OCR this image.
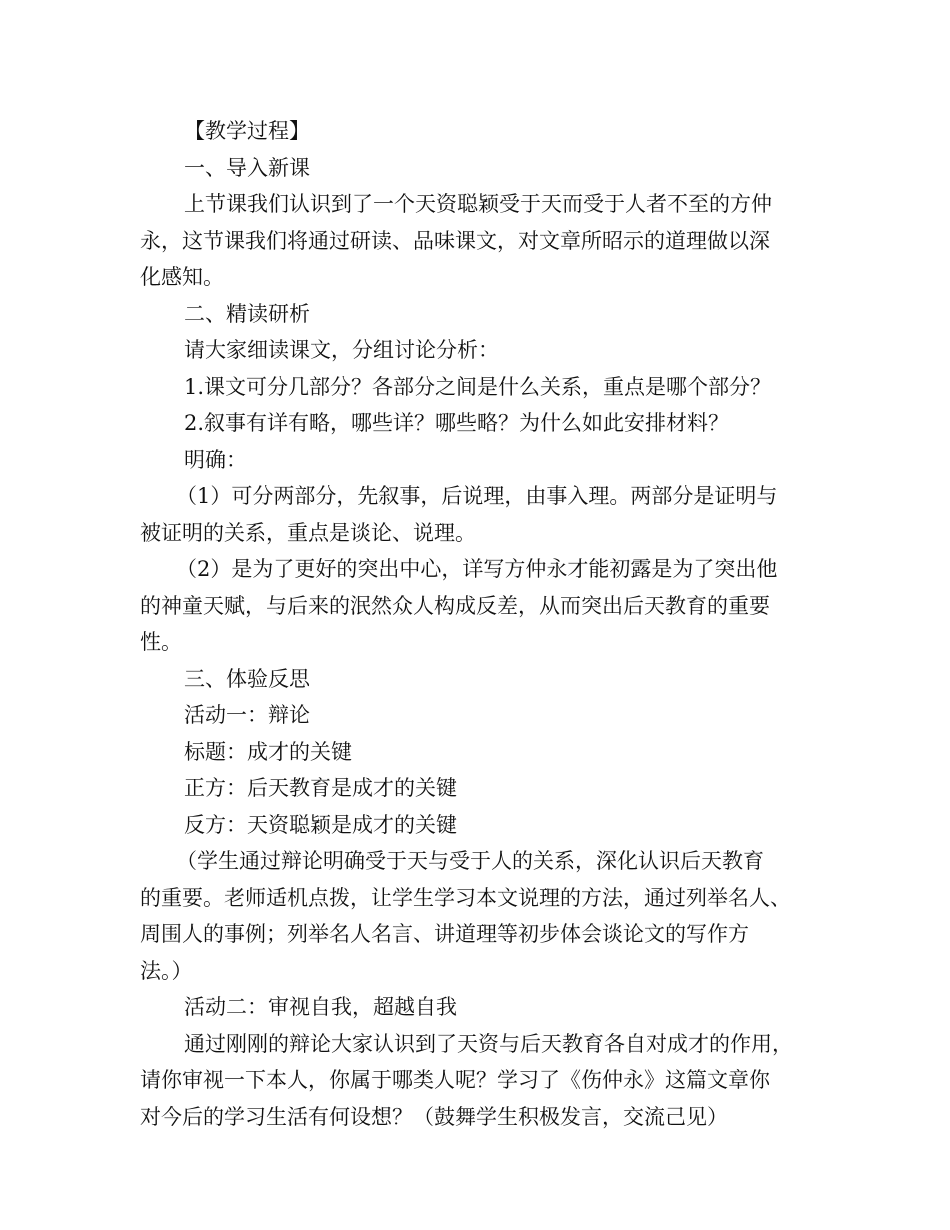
【教学过程】
一、导入新课
上节课我们认识到了一个天资聪颖受于天而受于人者不至的方仲
永，这节课我们将通过研读、品味课文，对文章所昭示的道理做以深
化感知。
二、精读研析
请大家细读课文，分组讨论分析：
1.课文可分几部分？各部分之间是什么关系，重点是哪个部分？
2.叙事有详有略，哪些详？哪些略？为什么如此安排材料？
明确：
（1）可分两部分，先叙事，后说理，由事入理。两部分是证明与
被证明的关系，重点是谈论、说理。
（2）是为了更好的突出中心，详写方仲永才能初露是为了突出他
的神童天赋，与后来的泯然众人构成反差，从而突出后天教育的重要
性。
三、体验反思
活动一：辩论
标题：成才的关键
正方：后天教育是成才的关键
反方：天资聪颖是成才的关键
（学生通过辩论明确受于天与受于人的关系，深化认识后天教育
的重要。老师适机点拨，让学生学习本文说理的方法，通过列举名人、
周围人的事例；列举名人名言、讲道理等初步体会谈论文的写作方
法。）
活动二：审视自我，超越自我
通过刚刚的辩论大家认识到了天资与后天教育各自对成才的作用，
请你审视一下本人，你属于哪类人呢？学习了《伤仲永》这篇文章你
对今后的学习生活有何设想？（鼓舞学生积极发言，交流己见）
